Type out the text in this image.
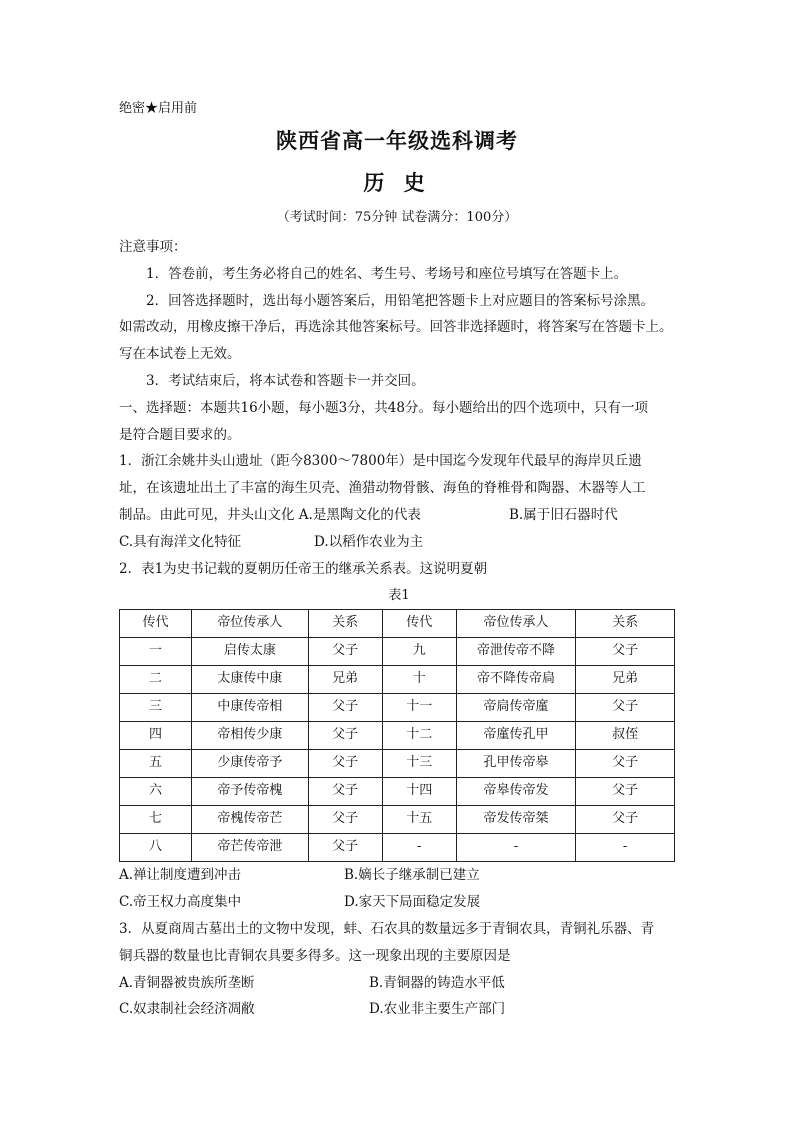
绝密★启用前
陕西省高一年级选科调考
历 史
（考试时间：75分钟 试卷满分：100分）

注意事项：

1．答卷前，考生务必将自己的姓名、考生号、考场号和座位号填写在答题卡上。

2．回答选择题时，选出每小题答案后，用铅笔把答题卡上对应题目的答案标号涂黑。

如需改动，用橡皮擦干净后，再选涂其他答案标号。回答非选择题时，将答案写在答题卡上。

写在本试卷上无效。

3．考试结束后，将本试卷和答题卡一并交回。

一、选择题：本题共16小题，每小题3分，共48分。每小题给出的四个选项中，只有一项

是符合题目要求的。

1．浙江余姚井头山遗址（距今8300～7800年）是中国迄今发现年代最早的海岸贝丘遗

址，在该遗址出土了丰富的海生贝壳、渔猎动物骨骸、海鱼的脊椎骨和陶器、木器等人工

制品。由此可见，井头山文化 A.是黑陶文化的代表	B.属于旧石器时代
C.具有海洋文化特征	D.以稻作农业为主

2．表1为史书记载的夏朝历任帝王的继承关系表。这说明夏朝

表1
传代	帝位传承人	关系	传代	帝位传承人	关系
一	启传太康	父子	九	帝泄传帝不降	父子
二	太康传中康	兄弟	十	帝不降传帝扃	兄弟
三	中康传帝相	父子	十一	帝扃传帝廑	父子
四	帝相传少康	父子	十二	帝廑传孔甲	叔侄
五	少康传帝予	父子	十三	孔甲传帝皋	父子
六	帝予传帝槐	父子	十四	帝皋传帝发	父子
七	帝槐传帝芒	父子	十五	帝发传帝桀	父子
八	帝芒传帝泄	父子	-	-	-
A.禅让制度遭到冲击	B.嫡长子继承制已建立
C.帝王权力高度集中	D.家天下局面稳定发展

3．从夏商周古墓出土的文物中发现，蚌、石农具的数量远多于青铜农具，青铜礼乐器、青

铜兵器的数量也比青铜农具要多得多。这一现象出现的主要原因是

A.青铜器被贵族所垄断	B.青铜器的铸造水平低
C.奴隶制社会经济凋敝	D.农业非主要生产部门
